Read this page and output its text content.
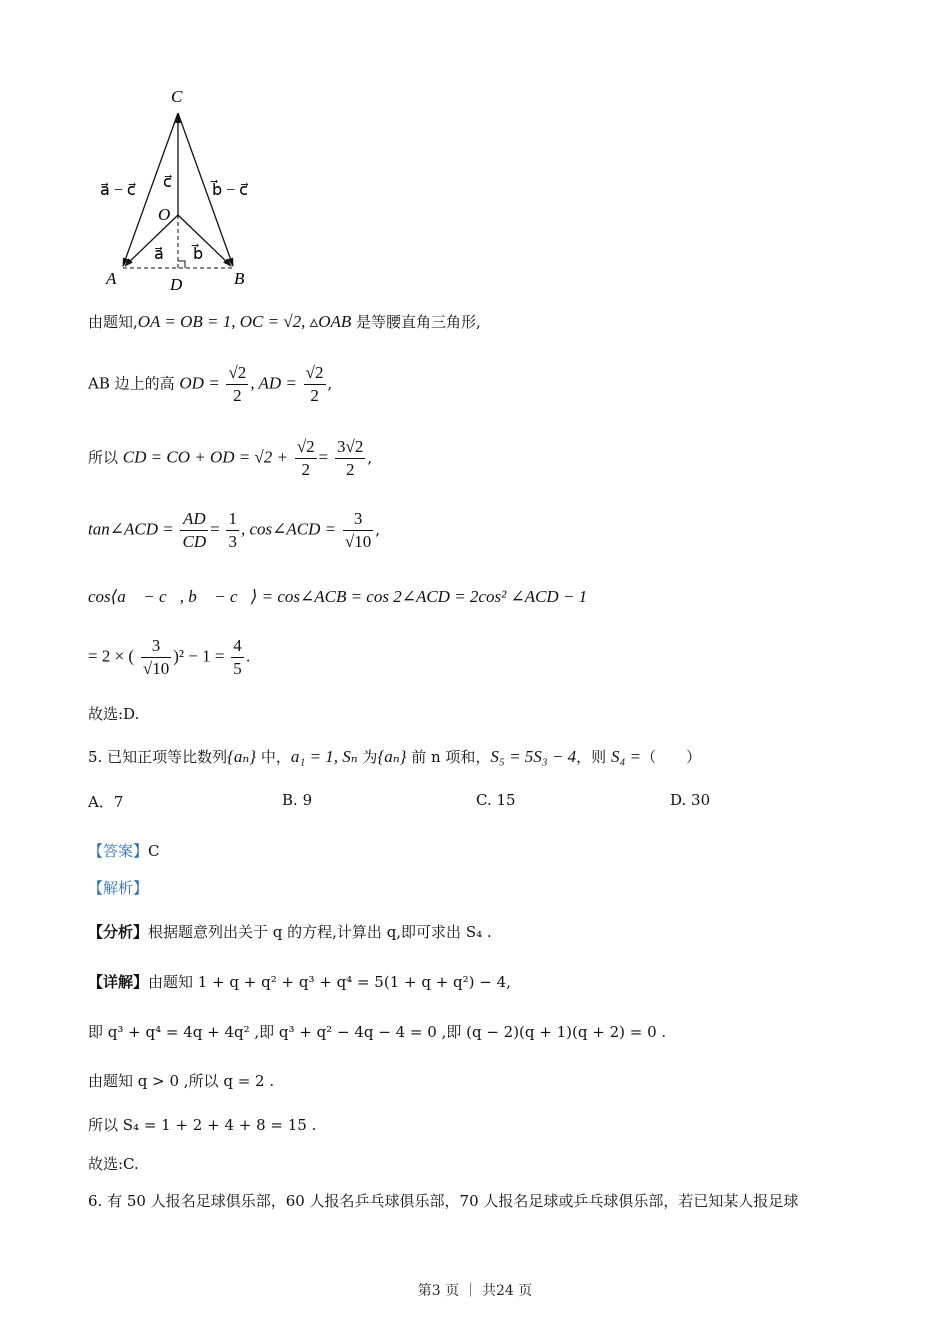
C
O
A	B
D
a⃗ − c⃗ c⃗	b⃗ − c⃗
a⃗ b⃗
由题知,OA = OB = 1, OC = √2, ▵OAB 是等腰直角三角形,
AB 边上的高 OD = $\frac{√2}{2}$ , AD = $\frac{√2}{2}$ ,
所以 CD = CO + OD = $√2 + \frac{√2}{2} = \frac{3√2}{2}$ ,
tan∠ACD = $\frac{AD}{CD} = \frac{1}{3}$ , cos∠ACD = $\frac{3}{√10}$ ,
cos⟨a⃗ − c⃗, b⃗ − c⃗⟩ = cos∠ACB = cos 2∠ACD = 2cos² ∠ACD − 1
= 2 × ( $\frac{3}{√10} )^2 - 1 = \frac{4}{5}$ .
故选:D.
5. 已知正项等比数列{aₙ} 中，a₁ = 1, Sₙ 为{aₙ} 前 n 项和，S₅ = 5S₃ − 4，则 S₄ =（　　）
A．7	B. 9	C. 15	D. 30
【答案】C
【解析】
【分析】根据题意列出关于 q 的方程,计算出 q,即可求出 S₄ .
【详解】由题知 1 + q + q² + q³ + q⁴ = 5(1 + q + q²) − 4,
即 q³ + q⁴ = 4q + 4q² ,即 q³ + q² − 4q − 4 = 0 ,即 (q − 2)(q + 1)(q + 2) = 0 .
由题知 q > 0 ,所以 q = 2 .
所以 S₄ = 1 + 2 + 4 + 8 = 15 .
故选:C.
6. 有 50 人报名足球俱乐部，60 人报名乒乓球俱乐部，70 人报名足球或乒乓球俱乐部，若已知某人报足球
第3 页 ｜ 共24 页
